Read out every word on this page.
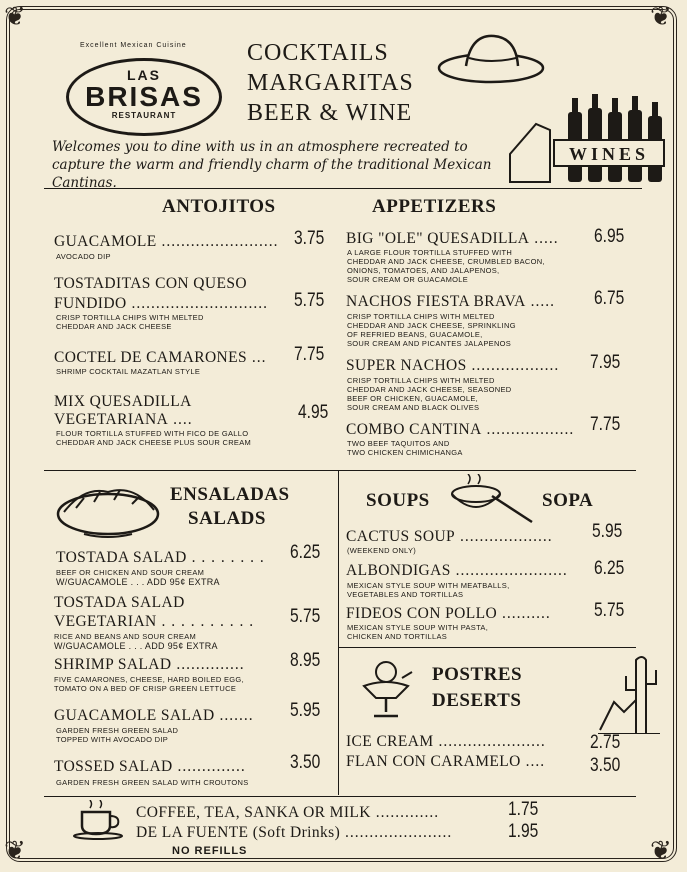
❦	❦
❦	❦
Excellent Mexican Cuisine
LAS
BRISAS
RESTAURANT
COCKTAILS
MARGARITAS
BEER & WINE
Welcomes you to dine with us in an atmosphere recreated to capture the warm and friendly charm of the traditional Mexican Cantinas.
WINES
ANTOJITOS
GUACAMOLE ........................ 3.75
AVOCADO DIP
TOSTADITAS CON QUESO
FUNDIDO ............................ 5.75
CRISP TORTILLA CHIPS WITH MELTED
CHEDDAR AND JACK CHEESE
COCTEL DE CAMARONES ... 7.75
SHRIMP COCKTAIL MAZATLAN STYLE
MIX QUESADILLA
VEGETARIANA ....	4.95
FLOUR TORTILLA STUFFED WITH FICO DE GALLO
CHEDDAR AND JACK CHEESE PLUS SOUR CREAM
APPETIZERS
BIG "OLE" QUESADILLA ..... 6.95
A LARGE FLOUR TORTILLA STUFFED WITH
CHEDDAR AND JACK CHEESE, CRUMBLED BACON,
ONIONS, TOMATOES, AND JALAPENOS,
SOUR CREAM OR GUACAMOLE
NACHOS FIESTA BRAVA ..... 6.75
CRISP TORTILLA CHIPS WITH MELTED
CHEDDAR AND JACK CHEESE, SPRINKLING
OF REFRIED BEANS, GUACAMOLE,
SOUR CREAM AND PICANTES JALAPENOS
SUPER NACHOS .................. 7.95
CRISP TORTILLA CHIPS WITH MELTED
CHEDDAR AND JACK CHEESE, SEASONED
BEEF OR CHICKEN, GUACAMOLE,
SOUR CREAM AND BLACK OLIVES
COMBO CANTINA .................. 7.75
TWO BEEF TAQUITOS AND
TWO CHICKEN CHIMICHANGA
ENSALADAS
SALADS
TOSTADA SALAD . . . . . . . . 6.25
BEEF OR CHICKEN AND SOUR CREAM
W/GUACAMOLE . . . ADD 95¢ EXTRA
TOSTADA SALAD
VEGETARIAN . . . . . . . . . . 5.75
RICE AND BEANS AND SOUR CREAM
W/GUACAMOLE . . . ADD 95¢ EXTRA
SHRIMP SALAD .............. 8.95
FIVE CAMARONES, CHEESE, HARD BOILED EGG,
TOMATO ON A BED OF CRISP GREEN LETTUCE
GUACAMOLE SALAD ....... 5.95
GARDEN FRESH GREEN SALAD
TOPPED WITH AVOCADO DIP
TOSSED SALAD .............. 3.50
GARDEN FRESH GREEN SALAD WITH CROUTONS
SOUPS	SOPA
CACTUS SOUP ................... 5.95
(WEEKEND ONLY)
ALBONDIGAS ....................... 6.25
MEXICAN STYLE SOUP WITH MEATBALLS,
VEGETABLES AND TORTILLAS
FIDEOS CON POLLO .......... 5.75
MEXICAN STYLE SOUP WITH PASTA,
CHICKEN AND TORTILLAS
POSTRES
DESERTS
ICE CREAM ...................... 2.75
FLAN CON CARAMELO .... 3.50
COFFEE, TEA, SANKA OR MILK .............	1.75
DE LA FUENTE (Soft Drinks) ......................	1.95
NO REFILLS
